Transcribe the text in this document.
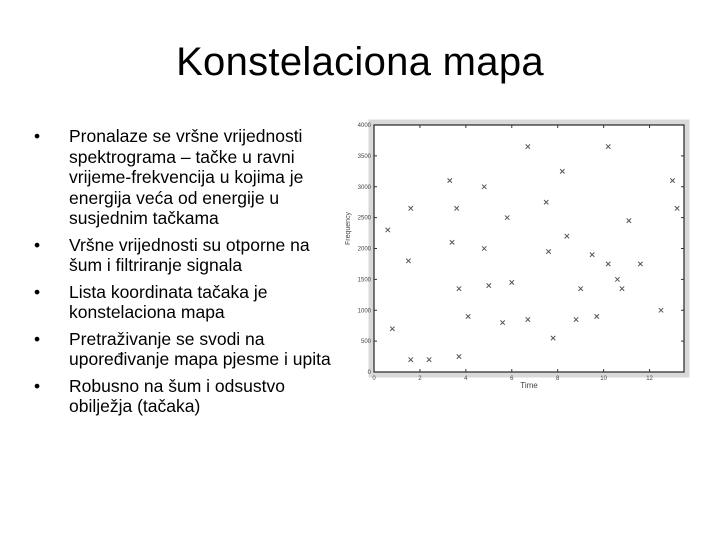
Konstelaciona mapa
• Pronalaze se vršne vrijednosti spektrograma – tačke u ravni vrijeme-frekvencija u kojima je energija veća od energije u susjednim tačkama
• Vršne vrijednosti su otporne na šum i filtriranje signala
• Lista koordinata tačaka je konstelaciona mapa
• Pretraživanje se svodi na upoređivanje mapa pjesme i upita
• Robusno na šum i odsustvo obilježja (tačaka)
0
500
1000
1500
2000
2500
3000
3500
4000
0	2	4	6	8	10	12
Time
Frequency
